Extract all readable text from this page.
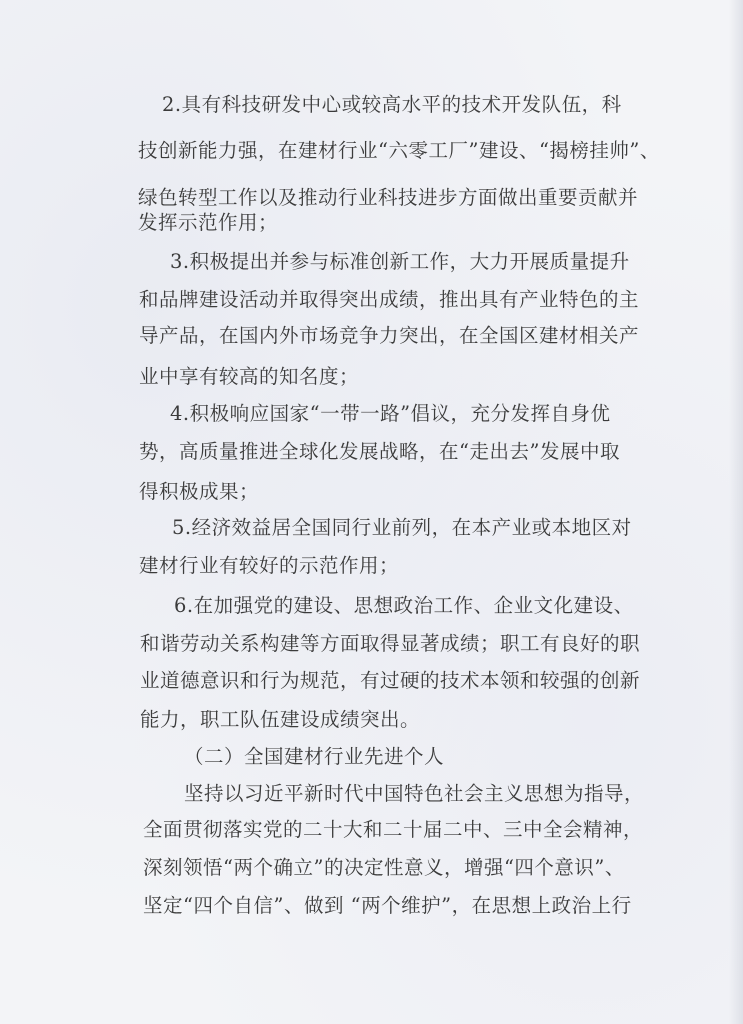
2.具有科技研发中心或较高水平的技术开发队伍，科
技创新能力强，在建材行业“六零工厂”建设、“揭榜挂帅”、
绿色转型工作以及推动行业科技进步方面做出重要贡献并
发挥示范作用；
3.积极提出并参与标准创新工作，大力开展质量提升
和品牌建设活动并取得突出成绩，推出具有产业特色的主
导产品，在国内外市场竞争力突出，在全国区建材相关产
业中享有较高的知名度；
4.积极响应国家“一带一路”倡议，充分发挥自身优
势，高质量推进全球化发展战略，在“走出去”发展中取
得积极成果；
5.经济效益居全国同行业前列，在本产业或本地区对
建材行业有较好的示范作用；
6.在加强党的建设、思想政治工作、企业文化建设、
和谐劳动关系构建等方面取得显著成绩；职工有良好的职
业道德意识和行为规范，有过硬的技术本领和较强的创新
能力，职工队伍建设成绩突出。
（二）全国建材行业先进个人
坚持以习近平新时代中国特色社会主义思想为指导，
全面贯彻落实党的二十大和二十届二中、三中全会精神，
深刻领悟“两个确立”的决定性意义，增强“四个意识”、
坚定“四个自信”、做到 “两个维护”，在思想上政治上行
